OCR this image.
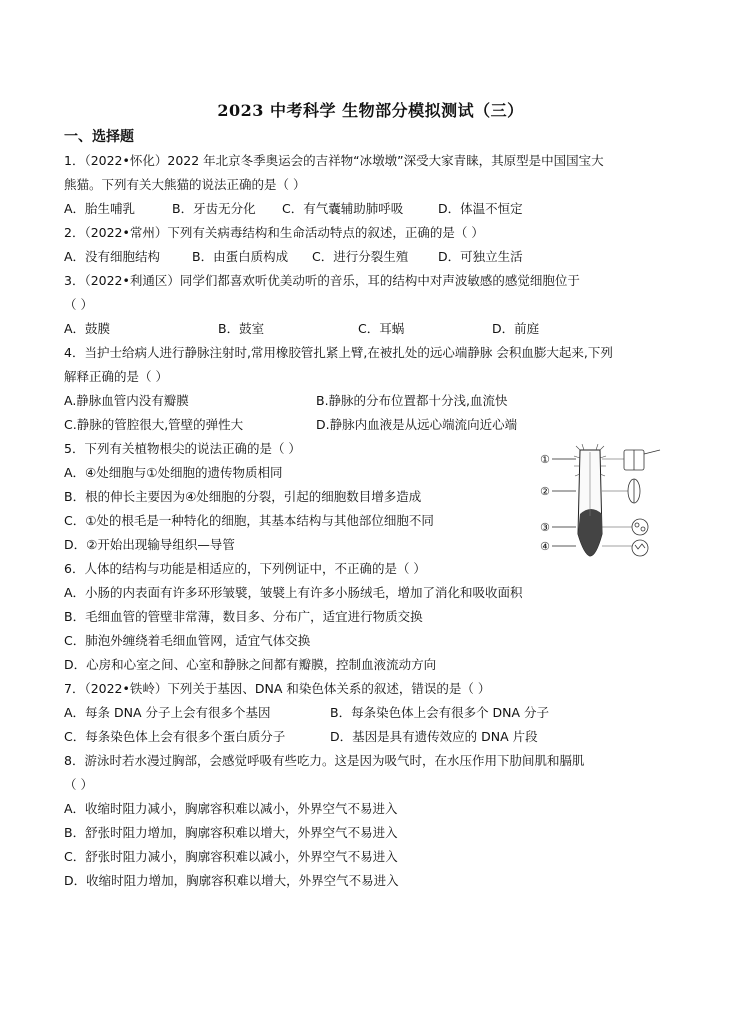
2023 中考科学 生物部分模拟测试（三）
一、选择题
1．（2022•怀化）2022 年北京冬季奥运会的吉祥物“冰墩墩”深受大家青睐，其原型是中国国宝大
熊猫。下列有关大熊猫的说法正确的是（ ）
A．胎生哺乳	B．牙齿无分化 C．有气囊辅助肺呼吸	D．体温不恒定
2．（2022•常州）下列有关病毒结构和生命活动特点的叙述，正确的是（ ）
A．没有细胞结构	B．由蛋白质构成 C．进行分裂生殖 D．可独立生活
3．（2022•利通区）同学们都喜欢听优美动听的音乐，耳的结构中对声波敏感的感觉细胞位于
（ ）
A．鼓膜	B．鼓室	C．耳蜗	D．前庭
4．当护士给病人进行静脉注射时,常用橡胶管扎紧上臂,在被扎处的远心端静脉 会积血膨大起来,下列
解释正确的是（ ）
A.静脉血管内没有瓣膜	B.静脉的分布位置都十分浅,血流快
C.静脉的管腔很大,管壁的弹性大	D.静脉内血液是从远心端流向近心端
5．下列有关植物根尖的说法正确的是（ ）
A．④处细胞与①处细胞的遗传物质相同
B．根的伸长主要因为④处细胞的分裂，引起的细胞数目增多造成
C．①处的根毛是一种特化的细胞，其基本结构与其他部位细胞不同
D．②开始出现输导组织—导管
①
②
③
④
6．人体的结构与功能是相适应的，下列例证中，不正确的是（ ）
A．小肠的内表面有许多环形皱襞，皱襞上有许多小肠绒毛，增加了消化和吸收面积
B．毛细血管的管壁非常薄，数目多、分布广，适宜进行物质交换
C．肺泡外缠绕着毛细血管网，适宜气体交换
D．心房和心室之间、心室和静脉之间都有瓣膜，控制血液流动方向
7．（2022•铁岭）下列关于基因、DNA 和染色体关系的叙述，错误的是（ ）
A．每条 DNA 分子上会有很多个基因	B．每条染色体上会有很多个 DNA 分子
C．每条染色体上会有很多个蛋白质分子	D．基因是具有遗传效应的 DNA 片段
8．游泳时若水漫过胸部，会感觉呼吸有些吃力。这是因为吸气时，在水压作用下肋间肌和膈肌
（ ）
A．收缩时阻力减小，胸廓容积难以减小，外界空气不易进入
B．舒张时阻力增加，胸廓容积难以增大，外界空气不易进入
C．舒张时阻力减小，胸廓容积难以减小，外界空气不易进入
D．收缩时阻力增加，胸廓容积难以增大，外界空气不易进入
